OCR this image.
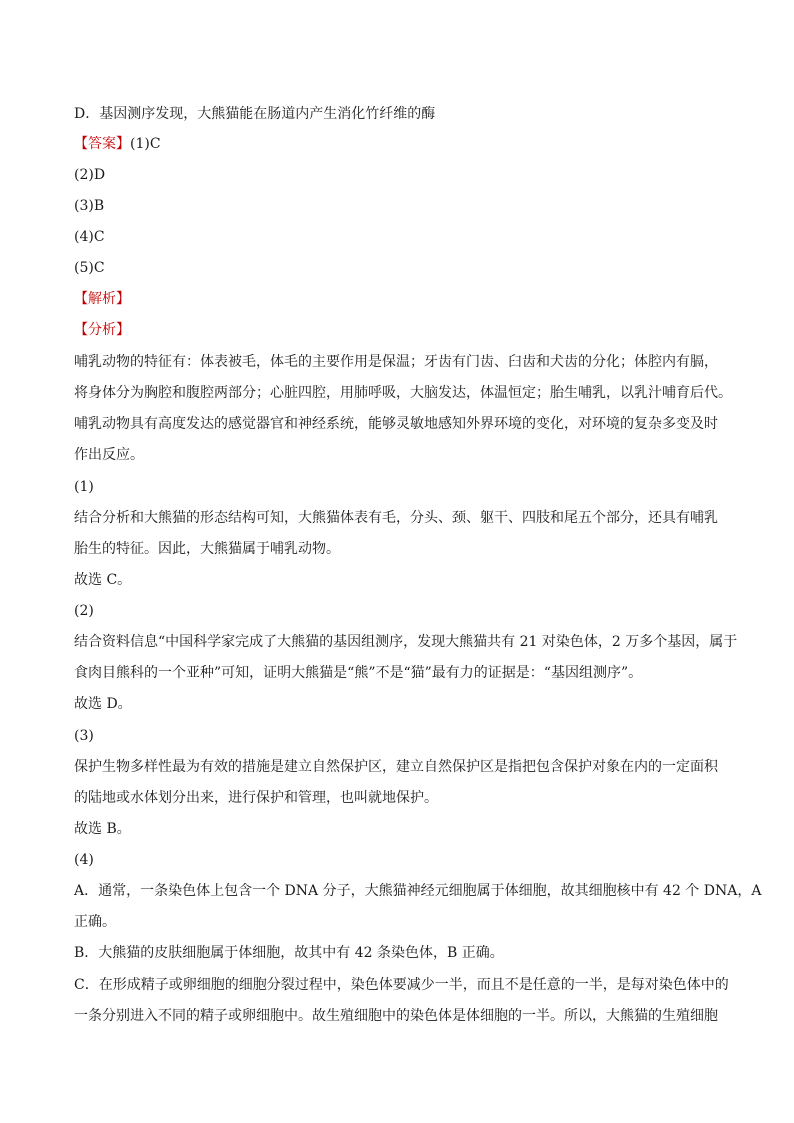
D．基因测序发现，大熊猫能在肠道内产生消化竹纤维的酶
【答案】(1)C
(2)D
(3)B
(4)C
(5)C
【解析】
【分析】
哺乳动物的特征有：体表被毛，体毛的主要作用是保温；牙齿有门齿、臼齿和犬齿的分化；体腔内有膈，
将身体分为胸腔和腹腔两部分；心脏四腔，用肺呼吸，大脑发达，体温恒定；胎生哺乳，以乳汁哺育后代。
哺乳动物具有高度发达的感觉器官和神经系统，能够灵敏地感知外界环境的变化，对环境的复杂多变及时
作出反应。
(1)
结合分析和大熊猫的形态结构可知，大熊猫体表有毛，分头、颈、躯干、四肢和尾五个部分，还具有哺乳
胎生的特征。因此，大熊猫属于哺乳动物。
故选 C。
(2)
结合资料信息“中国科学家完成了大熊猫的基因组测序，发现大熊猫共有 21 对染色体，2 万多个基因，属于
食肉目熊科的一个亚种”可知，证明大熊猫是“熊”不是“猫”最有力的证据是：“基因组测序”。
故选 D。
(3)
保护生物多样性最为有效的措施是建立自然保护区，建立自然保护区是指把包含保护对象在内的一定面积
的陆地或水体划分出来，进行保护和管理，也叫就地保护。
故选 B。
(4)
A．通常，一条染色体上包含一个 DNA 分子，大熊猫神经元细胞属于体细胞，故其细胞核中有 42 个 DNA，A
正确。
B．大熊猫的皮肤细胞属于体细胞，故其中有 42 条染色体，B 正确。
C．在形成精子或卵细胞的细胞分裂过程中，染色体要减少一半，而且不是任意的一半，是每对染色体中的
一条分别进入不同的精子或卵细胞中。故生殖细胞中的染色体是体细胞的一半。所以，大熊猫的生殖细胞
